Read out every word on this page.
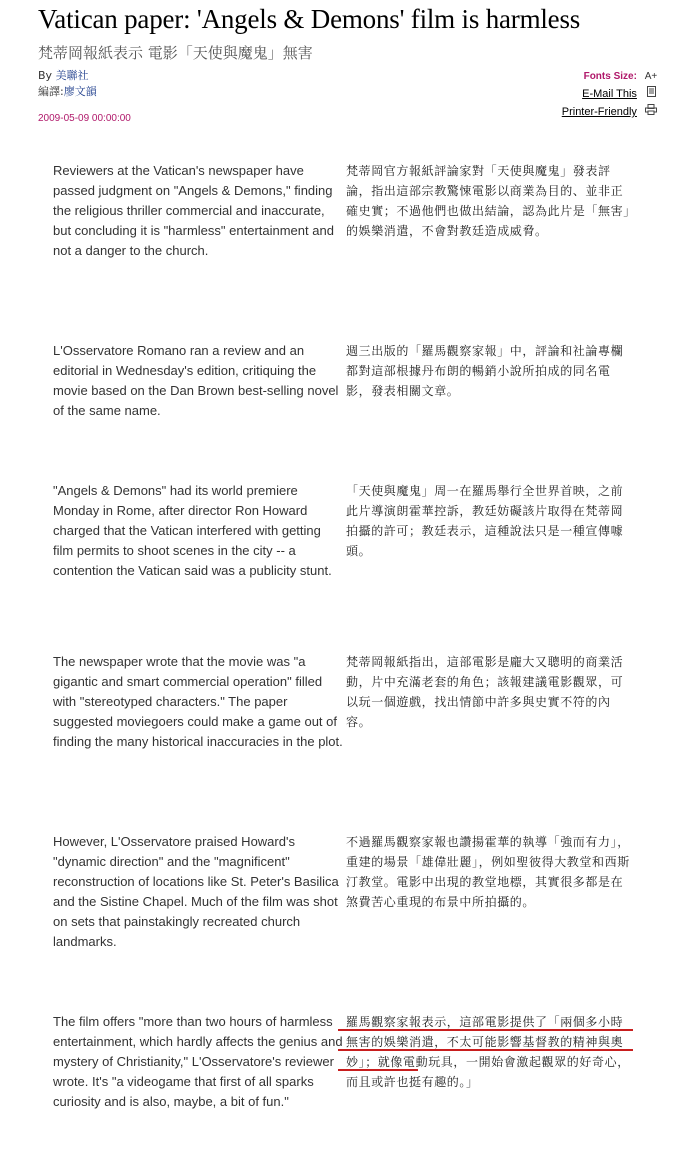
Vatican paper: 'Angels & Demons' film is harmless
梵蒂岡報紙表示 電影「天使與魔鬼」無害
By 美聯社
編譯:廖文韻
2009-05-09 00:00:00
Fonts Size: A+
E-Mail This
Printer-Friendly

Reviewers at the Vatican's newspaper have passed judgment on "Angels & Demons," finding the religious thriller commercial and inaccurate, but concluding it is "harmless" entertainment and not a danger to the church.

梵蒂岡官方報紙評論家對「天使與魔鬼」發表評論，指出這部宗教驚悚電影以商業為目的、並非正確史實；不過他們也做出結論，認為此片是「無害」的娛樂消遣，不會對教廷造成威脅。

L'Osservatore Romano ran a review and an editorial in Wednesday's edition, critiquing the movie based on the Dan Brown best-selling novel of the same name.

週三出版的「羅馬觀察家報」中，評論和社論專欄都對這部根據丹布朗的暢銷小說所拍成的同名電影，發表相關文章。

"Angels & Demons" had its world premiere Monday in Rome, after director Ron Howard charged that the Vatican interfered with getting film permits to shoot scenes in the city -- a contention the Vatican said was a publicity stunt.

「天使與魔鬼」周一在羅馬舉行全世界首映，之前此片導演朗霍華控訴，教廷妨礙該片取得在梵蒂岡拍攝的許可；教廷表示，這種說法只是一種宣傳噱頭。

The newspaper wrote that the movie was "a gigantic and smart commercial operation" filled with "stereotyped characters." The paper suggested moviegoers could make a game out of finding the many historical inaccuracies in the plot.

梵蒂岡報紙指出，這部電影是龐大又聰明的商業活動，片中充滿老套的角色；該報建議電影觀眾，可以玩一個遊戲，找出情節中許多與史實不符的內容。

However, L'Osservatore praised Howard's "dynamic direction" and the "magnificent" reconstruction of locations like St. Peter's Basilica and the Sistine Chapel. Much of the film was shot on sets that painstakingly recreated church landmarks.

不過羅馬觀察家報也讚揚霍華的執導「強而有力」，重建的場景「雄偉壯麗」，例如聖彼得大教堂和西斯汀教堂。電影中出現的教堂地標，其實很多都是在煞費苦心重現的布景中所拍攝的。

The film offers "more than two hours of harmless entertainment, which hardly affects the genius and mystery of Christianity," L'Osservatore's reviewer wrote. It's "a videogame that first of all sparks curiosity and is also, maybe, a bit of fun."

羅馬觀察家報表示，這部電影提供了「兩個多小時無害的娛樂消遣，不太可能影響基督教的精神與奧妙」；就像電動玩具，一開始會激起觀眾的好奇心，而且或許也挺有趣的。」
